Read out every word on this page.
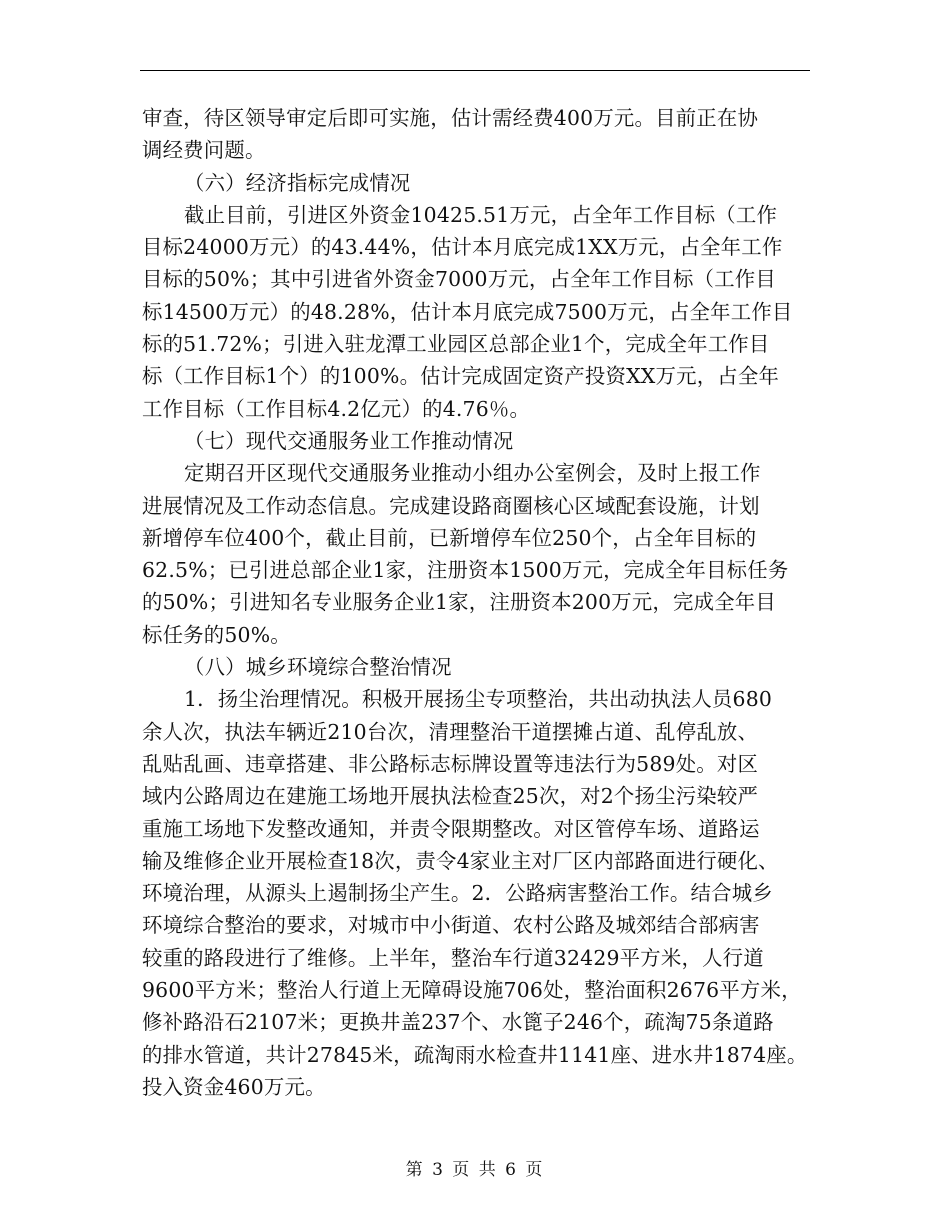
审查，待区领导审定后即可实施，估计需经费400万元。目前正在协
调经费问题。
（六）经济指标完成情况
截止目前，引进区外资金10425.51万元，占全年工作目标（工作
目标24000万元）的43.44%，估计本月底完成1XX万元，占全年工作
目标的50%；其中引进省外资金7000万元，占全年工作目标（工作目
标14500万元）的48.28%，估计本月底完成7500万元，占全年工作目
标的51.72%；引进入驻龙潭工业园区总部企业1个，完成全年工作目
标（工作目标1个）的100%。估计完成固定资产投资XX万元，占全年
工作目标（工作目标4.2亿元）的4.76％。
（七）现代交通服务业工作推动情况
定期召开区现代交通服务业推动小组办公室例会，及时上报工作
进展情况及工作动态信息。完成建设路商圈核心区域配套设施，计划
新增停车位400个，截止目前，已新增停车位250个，占全年目标的
62.5%；已引进总部企业1家，注册资本1500万元，完成全年目标任务
的50%；引进知名专业服务企业1家，注册资本200万元，完成全年目
标任务的50%。
（八）城乡环境综合整治情况
1．扬尘治理情况。积极开展扬尘专项整治，共出动执法人员680
余人次，执法车辆近210台次，清理整治干道摆摊占道、乱停乱放、
乱贴乱画、违章搭建、非公路标志标牌设置等违法行为589处。对区
域内公路周边在建施工场地开展执法检查25次，对2个扬尘污染较严
重施工场地下发整改通知，并责令限期整改。对区管停车场、道路运
输及维修企业开展检查18次，责令4家业主对厂区内部路面进行硬化、
环境治理，从源头上遏制扬尘产生。2．公路病害整治工作。结合城乡
环境综合整治的要求，对城市中小街道、农村公路及城郊结合部病害
较重的路段进行了维修。上半年，整治车行道32429平方米，人行道
9600平方米；整治人行道上无障碍设施706处，整治面积2676平方米，
修补路沿石2107米；更换井盖237个、水篦子246个，疏淘75条道路
的排水管道，共计27845米，疏淘雨水检查井1141座、进水井1874座。
投入资金460万元。
第 3 页 共 6 页
